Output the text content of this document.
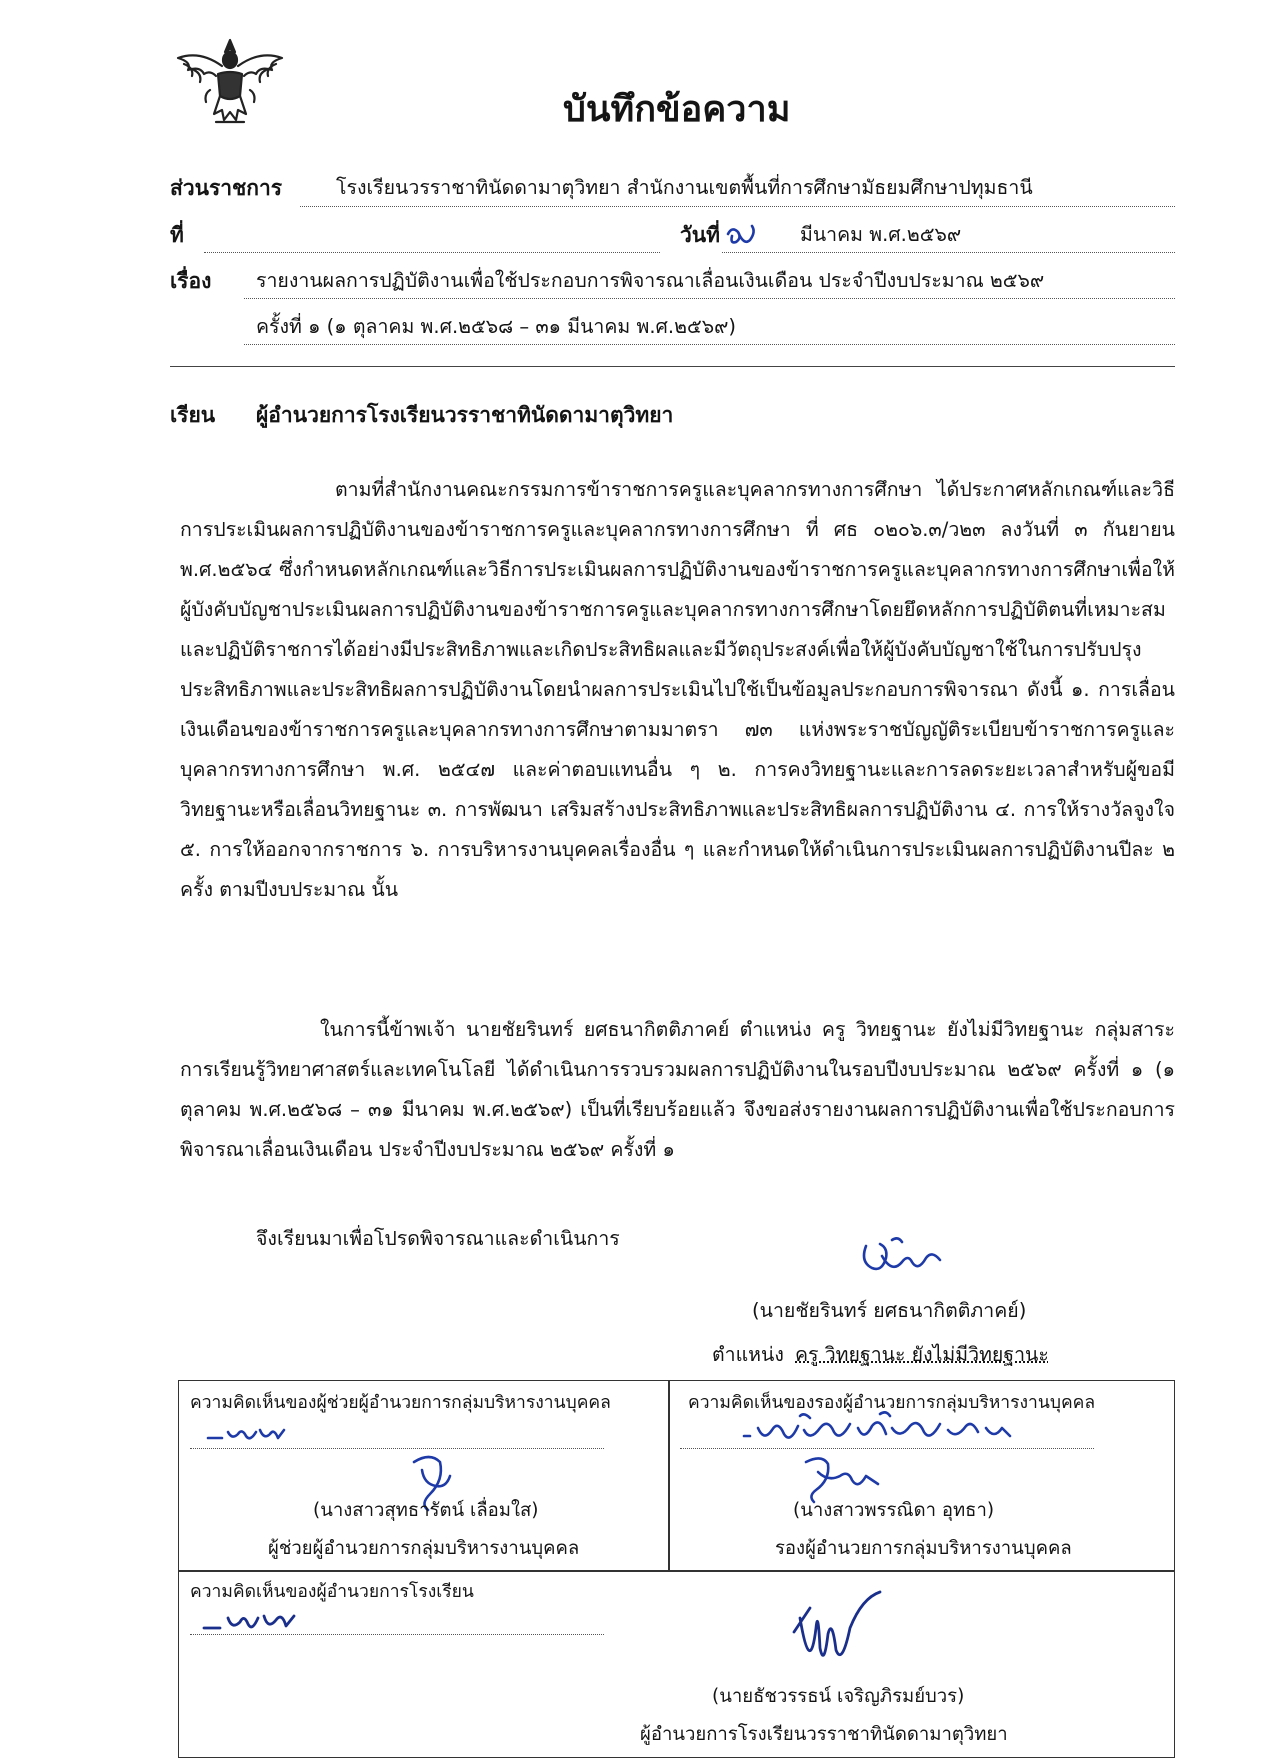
บันทึกข้อความ
ส่วนราชการ	โรงเรียนวรราชาทินัดดามาตุวิทยา สำนักงานเขตพื้นที่การศึกษามัธยมศึกษาปทุมธานี
ที่	วันที่	มีนาคม พ.ศ.๒๕๖๙
เรื่อง รายงานผลการปฏิบัติงานเพื่อใช้ประกอบการพิจารณาเลื่อนเงินเดือน ประจำปีงบประมาณ ๒๕๖๙
ครั้งที่ ๑ (๑ ตุลาคม พ.ศ.๒๕๖๘ – ๓๑ มีนาคม พ.ศ.๒๕๖๙)
เรียน ผู้อำนวยการโรงเรียนวรราชาทินัดดามาตุวิทยา
ตามที่สำนักงานคณะกรรมการข้าราชการครูและบุคลากรทางการศึกษา ได้ประกาศหลักเกณฑ์และวิธีการประเมินผลการปฏิบัติงานของข้าราชการครูและบุคลากรทางการศึกษา ที่ ศธ ๐๒๐๖.๓/ว๒๓ ลงวันที่ ๓ กันยายน พ.ศ.๒๕๖๔ ซึ่งกำหนดหลักเกณฑ์และวิธีการประเมินผลการปฏิบัติงานของข้าราชการครูและบุคลากรทางการศึกษาเพื่อให้ผู้บังคับบัญชาประเมินผลการปฏิบัติงานของข้าราชการครูและบุคลากรทางการศึกษาโดยยึดหลักการปฏิบัติตนที่เหมาะสมและปฏิบัติราชการได้อย่างมีประสิทธิภาพและเกิดประสิทธิผลและมีวัตถุประสงค์เพื่อให้ผู้บังคับบัญชาใช้ในการปรับปรุงประสิทธิภาพและประสิทธิผลการปฏิบัติงานโดยนำผลการประเมินไปใช้เป็นข้อมูลประกอบการพิจารณา ดังนี้ ๑. การเลื่อนเงินเดือนของข้าราชการครูและบุคลากรทางการศึกษาตามมาตรา ๗๓ แห่งพระราชบัญญัติระเบียบข้าราชการครูและบุคลากรทางการศึกษา พ.ศ. ๒๕๔๗ และค่าตอบแทนอื่น ๆ ๒. การคงวิทยฐานะและการลดระยะเวลาสำหรับผู้ขอมีวิทยฐานะหรือเลื่อนวิทยฐานะ ๓. การพัฒนา เสริมสร้างประสิทธิภาพและประสิทธิผลการปฏิบัติงาน ๔. การให้รางวัลจูงใจ ๕. การให้ออกจากราชการ ๖. การบริหารงานบุคคลเรื่องอื่น ๆ และกำหนดให้ดำเนินการประเมินผลการปฏิบัติงานปีละ ๒ ครั้ง ตามปีงบประมาณ นั้น
ในการนี้ข้าพเจ้า นายชัยรินทร์ ยศธนากิตติภาคย์ ตำแหน่ง ครู วิทยฐานะ ยังไม่มีวิทยฐานะ กลุ่มสาระการเรียนรู้วิทยาศาสตร์และเทคโนโลยี ได้ดำเนินการรวบรวมผลการปฏิบัติงานในรอบปีงบประมาณ ๒๕๖๙ ครั้งที่ ๑ (๑ ตุลาคม พ.ศ.๒๕๖๘ – ๓๑ มีนาคม พ.ศ.๒๕๖๙) เป็นที่เรียบร้อยแล้ว จึงขอส่งรายงานผลการปฏิบัติงานเพื่อใช้ประกอบการพิจารณาเลื่อนเงินเดือน ประจำปีงบประมาณ ๒๕๖๙ ครั้งที่ ๑
จึงเรียนมาเพื่อโปรดพิจารณาและดำเนินการ
(นายชัยรินทร์ ยศธนากิตติภาคย์)
ตำแหน่ง ครู วิทยฐานะ ยังไม่มีวิทยฐานะ
ความคิดเห็นของผู้ช่วยผู้อำนวยการกลุ่มบริหารงานบุคคล
(นางสาวสุทธารัตน์ เลื่อมใส)
ผู้ช่วยผู้อำนวยการกลุ่มบริหารงานบุคคล
ความคิดเห็นของรองผู้อำนวยการกลุ่มบริหารงานบุคคล
(นางสาวพรรณิดา อุทธา)
รองผู้อำนวยการกลุ่มบริหารงานบุคคล
ความคิดเห็นของผู้อำนวยการโรงเรียน
(นายธัชวรรธน์ เจริญภิรมย์บวร)
ผู้อำนวยการโรงเรียนวรราชาทินัดดามาตุวิทยา
